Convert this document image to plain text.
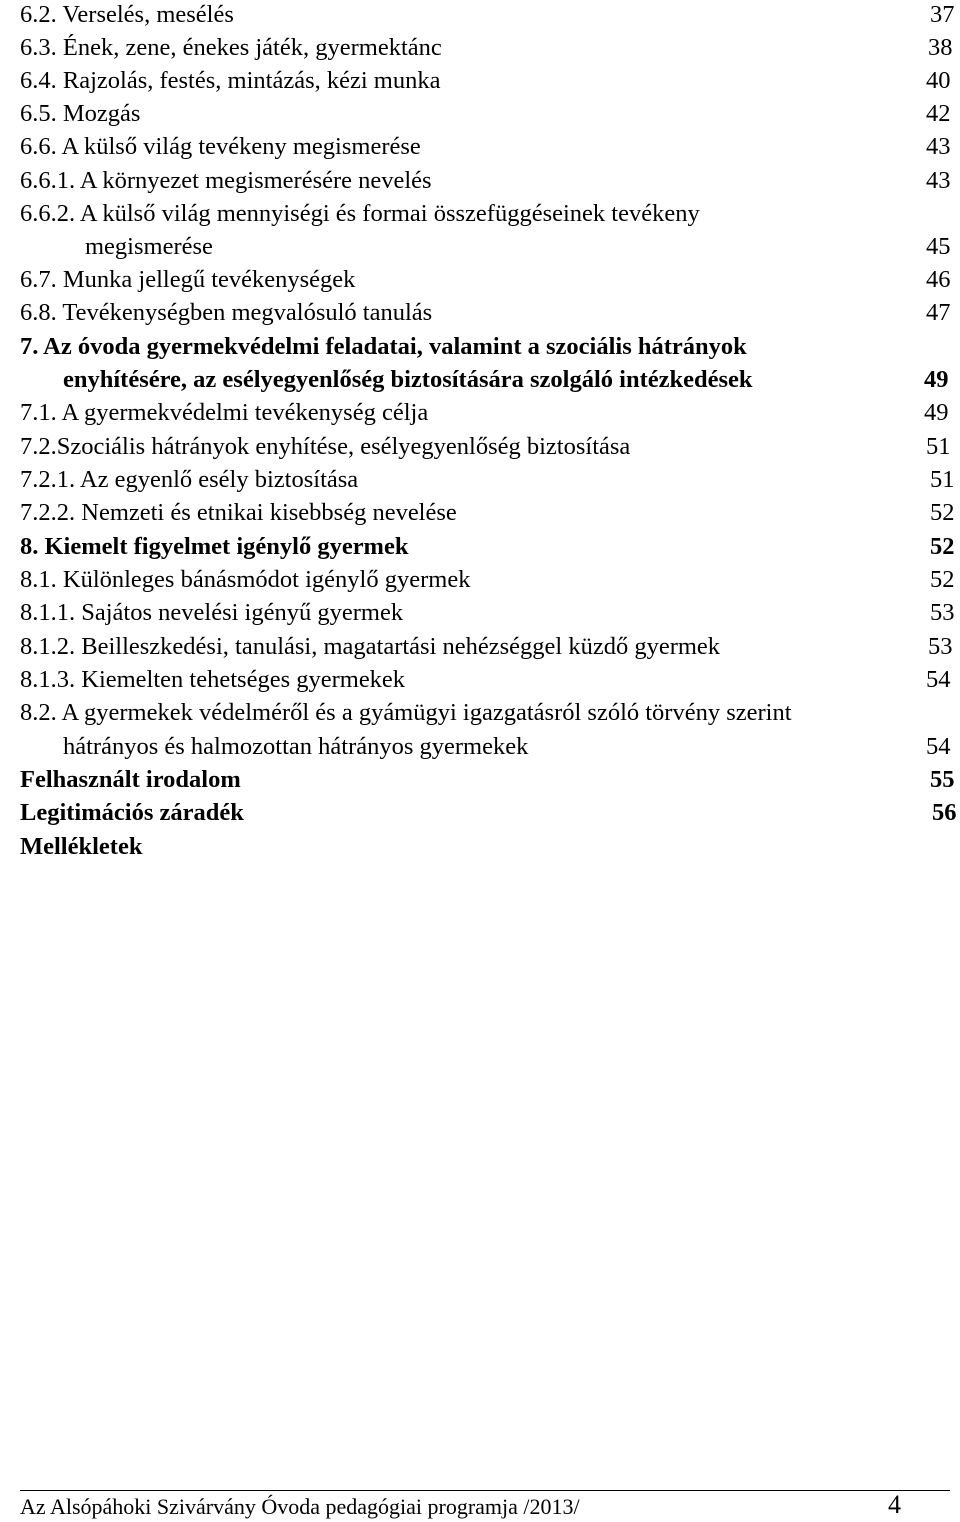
6.2. Verselés, mesélés	37
6.3. Ének, zene, énekes játék, gyermektánc	38
6.4. Rajzolás, festés, mintázás, kézi munka	40
6.5. Mozgás	42
6.6. A külső világ tevékeny megismerése	43
6.6.1. A környezet megismerésére nevelés	43
6.6.2. A külső világ mennyiségi és formai összefüggéseinek tevékeny
megismerése	45
6.7. Munka jellegű tevékenységek	46
6.8. Tevékenységben megvalósuló tanulás	47
7. Az óvoda gyermekvédelmi feladatai, valamint a szociális hátrányok
enyhítésére, az esélyegyenlőség biztosítására szolgáló intézkedések	49
7.1. A gyermekvédelmi tevékenység célja	49
7.2.Szociális hátrányok enyhítése, esélyegyenlőség biztosítása	51
7.2.1. Az egyenlő esély biztosítása	51
7.2.2. Nemzeti és etnikai kisebbség nevelése	52
8. Kiemelt figyelmet igénylő gyermek	52
8.1. Különleges bánásmódot igénylő gyermek	52
8.1.1. Sajátos nevelési igényű gyermek	53
8.1.2. Beilleszkedési, tanulási, magatartási nehézséggel küzdő gyermek	53
8.1.3. Kiemelten tehetséges gyermekek	54
8.2. A gyermekek védelméről és a gyámügyi igazgatásról szóló törvény szerint
hátrányos és halmozottan hátrányos gyermekek	54
Felhasznált irodalom	55
Legitimációs záradék	56
Mellékletek
Az Alsópáhoki Szivárvány Óvoda pedagógiai programja /2013/	4
